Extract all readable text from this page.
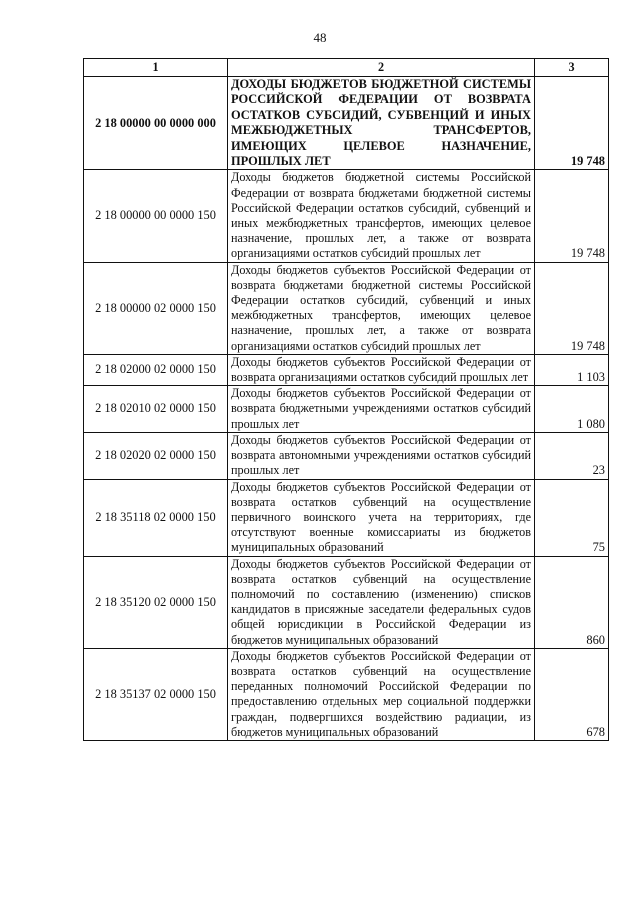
48
1	2	3
2 18 00000 00 0000 000	ДОХОДЫ БЮДЖЕТОВ БЮДЖЕТНОЙ СИСТЕМЫ РОССИЙСКОЙ ФЕДЕРАЦИИ ОТ ВОЗВРАТА ОСТАТКОВ СУБСИДИЙ, СУБВЕНЦИЙ И ИНЫХ МЕЖБЮДЖЕТНЫХ ТРАНСФЕРТОВ, ИМЕЮЩИХ ЦЕЛЕВОЕ НАЗНАЧЕНИЕ, ПРОШЛЫХ ЛЕТ	19 748
2 18 00000 00 0000 150	Доходы бюджетов бюджетной системы Российской Федерации от возврата бюджетами бюджетной системы Российской Федерации остатков субсидий, субвенций и иных межбюджетных трансфертов, имеющих целевое назначение, прошлых лет, а также от возврата организациями остатков субсидий прошлых лет	19 748
2 18 00000 02 0000 150	Доходы бюджетов субъектов Российской Федерации от возврата бюджетами бюджетной системы Российской Федерации остатков субсидий, субвенций и иных межбюджетных трансфертов, имеющих целевое назначение, прошлых лет, а также от возврата организациями остатков субсидий прошлых лет	19 748
2 18 02000 02 0000 150	Доходы бюджетов субъектов Российской Федерации от возврата организациями остатков субсидий прошлых лет	1 103
2 18 02010 02 0000 150	Доходы бюджетов субъектов Российской Федерации от возврата бюджетными учреждениями остатков субсидий прошлых лет	1 080
2 18 02020 02 0000 150	Доходы бюджетов субъектов Российской Федерации от возврата автономными учреждениями остатков субсидий прошлых лет	23
2 18 35118 02 0000 150	Доходы бюджетов субъектов Российской Федерации от возврата остатков субвенций на осуществление первичного воинского учета на территориях, где отсутствуют военные комиссариаты из бюджетов муниципальных образований	75
2 18 35120 02 0000 150	Доходы бюджетов субъектов Российской Федерации от возврата остатков субвенций на осуществление полномочий по составлению (изменению) списков кандидатов в присяжные заседатели федеральных судов общей юрисдикции в Российской Федерации из бюджетов муниципальных образований	860
2 18 35137 02 0000 150	Доходы бюджетов субъектов Российской Федерации от возврата остатков субвенций на осуществление переданных полномочий Российской Федерации по предоставлению отдельных мер социальной поддержки граждан, подвергшихся воздействию радиации, из бюджетов муниципальных образований	678
